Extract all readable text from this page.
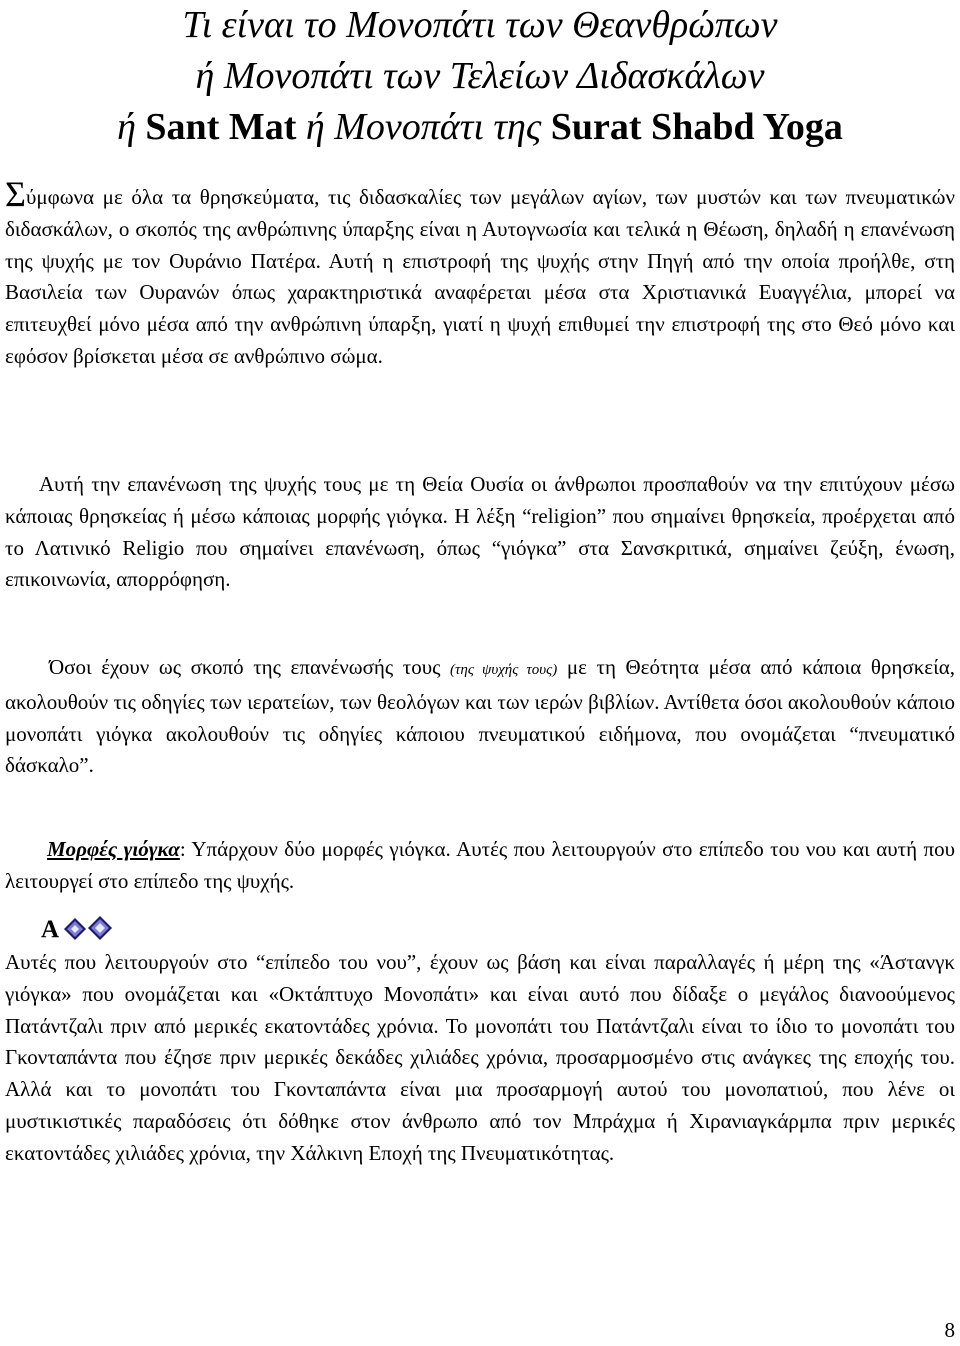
Τι είναι το Μονοπάτι των Θεανθρώπων
ή Μονοπάτι των Τελείων Διδασκάλων
ή Sant Mat ή Μονοπάτι της Surat Shabd Yoga

Σύμφωνα με όλα τα θρησκεύματα, τις διδασκαλίες των μεγάλων αγίων, των μυστών και των πνευματικών διδασκάλων, ο σκοπός της ανθρώπινης ύπαρξης είναι η Αυτογνωσία και τελικά η Θέωση, δηλαδή η επανένωση της ψυχής με τον Ουράνιο Πατέρα. Αυτή η επιστροφή της ψυχής στην Πηγή από την οποία προήλθε, στη Βασιλεία των Ουρανών όπως χαρακτηριστικά αναφέρεται μέσα στα Χριστιανικά Ευαγγέλια, μπορεί να επιτευχθεί μόνο μέσα από την ανθρώπινη ύπαρξη, γιατί η ψυχή επιθυμεί την επιστροφή της στο Θεό μόνο και εφόσον βρίσκεται μέσα σε ανθρώπινο σώμα.

Αυτή την επανένωση της ψυχής τους με τη Θεία Ουσία οι άνθρωποι προσπαθούν να την επιτύχουν μέσω κάποιας θρησκείας ή μέσω κάποιας μορφής γιόγκα. Η λέξη “religion” που σημαίνει θρησκεία, προέρχεται από το Λατινικό Religio που σημαίνει επανένωση, όπως “γιόγκα” στα Σανσκριτικά, σημαίνει ζεύξη, ένωση, επικοινωνία, απορρόφηση.

Όσοι έχουν ως σκοπό της επανένωσής τους (της ψυχής τους) με τη Θεότητα μέσα από κάποια θρησκεία, ακολουθούν τις οδηγίες των ιερατείων, των θεολόγων και των ιερών βιβλίων. Αντίθετα όσοι ακολουθούν κάποιο μονοπάτι γιόγκα ακολουθούν τις οδηγίες κάποιου πνευματικού ειδήμονα, που ονομάζεται “πνευματικό δάσκαλο”.

Μορφές γιόγκα: Υπάρχουν δύο μορφές γιόγκα. Αυτές που λειτουργούν στο επίπεδο του νου και αυτή που λειτουργεί στο επίπεδο της ψυχής.

Α

Αυτές που λειτουργούν στο “επίπεδο του νου”, έχουν ως βάση και είναι παραλλαγές ή μέρη της «Άστανγκ γιόγκα» που ονομάζεται και «Οκτάπτυχο Μονοπάτι» και είναι αυτό που δίδαξε ο μεγάλος διανοούμενος Πατάντζαλι πριν από μερικές εκατοντάδες χρόνια. Το μονοπάτι του Πατάντζαλι είναι το ίδιο το μονοπάτι του Γκονταπάντα που έζησε πριν μερικές δεκάδες χιλιάδες χρόνια, προσαρμοσμένο στις ανάγκες της εποχής του. Αλλά και το μονοπάτι του Γκονταπάντα είναι μια προσαρμογή αυτού του μονοπατιού, που λένε οι μυστικιστικές παραδόσεις ότι δόθηκε στον άνθρωπο από τον Μπράχμα ή Χιρανιαγκάρμπα πριν μερικές εκατοντάδες χιλιάδες χρόνια, την Χάλκινη Εποχή της Πνευματικότητας.

8
